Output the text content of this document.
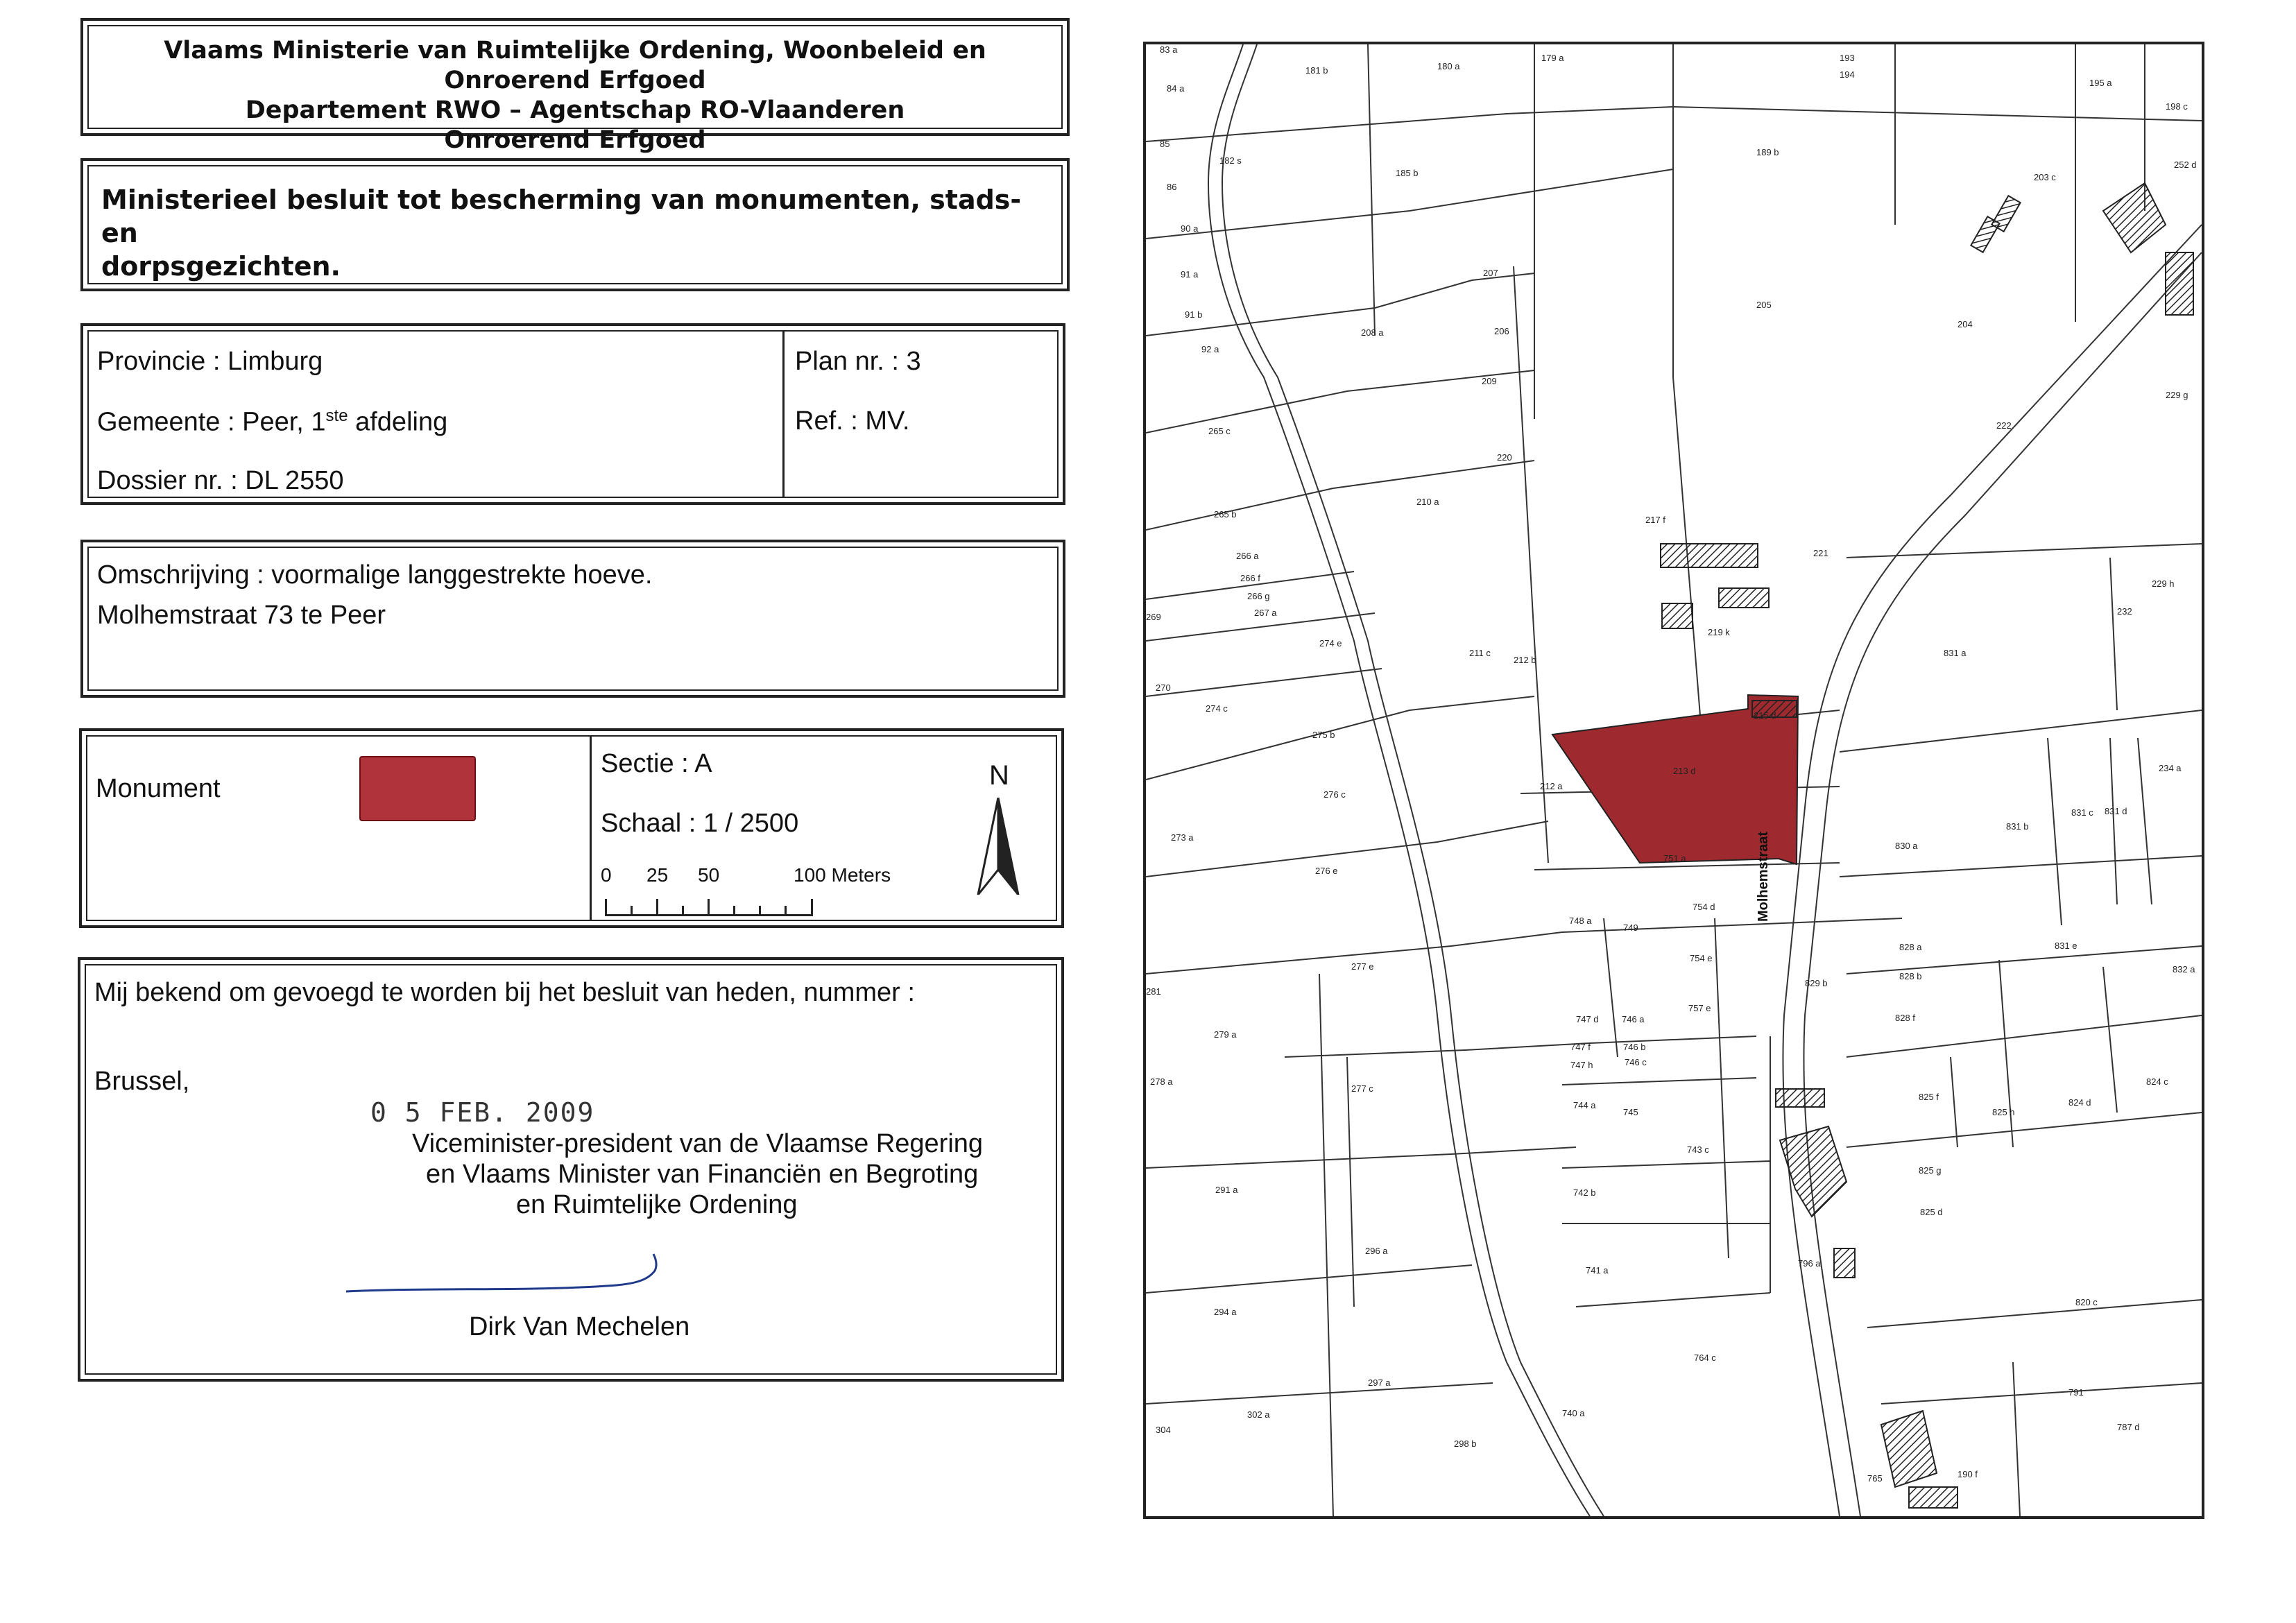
Vlaams Ministerie van Ruimtelijke Ordening, Woonbeleid en Onroerend Erfgoed
Departement RWO – Agentschap RO-Vlaanderen
Onroerend Erfgoed
Ministerieel besluit tot bescherming van monumenten, stads- en
dorpsgezichten.
Provincie : Limburg
Gemeente : Peer, 1ste afdeling
Dossier nr. : DL 2550
Plan nr. : 3
Ref. : MV.
Omschrijving : voormalige langgestrekte hoeve.
Molhemstraat 73 te Peer
Monument
Sectie : A
Schaal : 1 / 2500
0 25 50	100 Meters
N
Mij bekend om gevoegd te worden bij het besluit van heden, nummer :
Brussel,
0 5 FEB. 2009
Viceminister-president van de Vlaamse Regering
en Vlaams Minister van Financiën en Begroting
en Ruimtelijke Ordening
Dirk Van Mechelen
Molhemstraat
83 a
84 a
181 b	180 a
179 a	193
194
195 a
85
86
182 s
185 b
189 b
203 c
90 a
91 a
91 b
92 a
208 a
207
206
205
204
222
229 g
209
265 c
220
210 a
217 f
221
229 h
265 b
266 a
266 f
266 g
267 a
274 e
211 c
212 b
219 k
831 a
270
274 c
275 b
215 d
213 d	234 a
276 c
212 a
831 b
831 c 831 d
273 a
276 e
751 a
830 a
754 d
748 a
749
754 e
828 a
828 b
831 e
277 e
757 e
829 b
828 f
747 d	746 a
747 f	746 b
747 h	746 c
279 a
278 a
277 c
744 a
745
825 f
825 h
824 d
824 c
743 c
825 g
291 a	742 b
825 d
296 a
741 a
820 c
294 a
764 c
297 a
740 a
302 a
298 b
787 d
304
281
269
252 d
198 c
232
832 a
791
190 f
765
796 a
